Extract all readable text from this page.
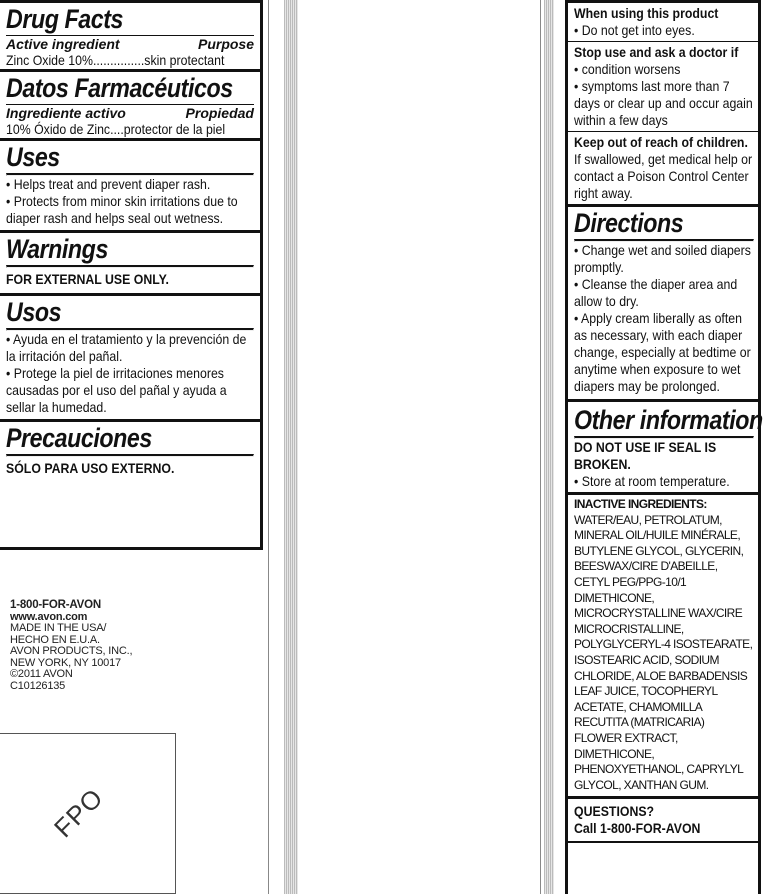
Drug Facts
Active ingredient	Purpose
Zinc Oxide 10%...............skin protectant
Datos Farmacéuticos
Ingrediente activo	Propiedad
10% Óxido de Zinc....protector de la piel
Uses
• Helps treat and prevent diaper rash.
• Protects from minor skin irritations due to diaper rash and helps seal out wetness.
Warnings
FOR EXTERNAL USE ONLY.
Usos
• Ayuda en el tratamiento y la prevención de la irritación del pañal.
• Protege la piel de irritaciones menores causadas por el uso del pañal y ayuda a sellar la humedad.
Precauciones
SÓLO PARA USO EXTERNO.
1-800-FOR-AVON
www.avon.com
MADE IN THE USA/
HECHO EN E.U.A.
AVON PRODUCTS, INC.,
NEW YORK, NY 10017
©2011 AVON
C10126135
FPO
When using this product
• Do not get into eyes.
Stop use and ask a doctor if
• condition worsens
• symptoms last more than 7 days or clear up and occur again within a few days
Keep out of reach of children.
If swallowed, get medical help or contact a Poison Control Center right away.
Directions
• Change wet and soiled diapers promptly.
• Cleanse the diaper area and allow to dry.
• Apply cream liberally as often as necessary, with each diaper change, especially at bedtime or anytime when exposure to wet diapers may be prolonged.
Other information
DO NOT USE IF SEAL IS BROKEN.
• Store at room temperature.
INACTIVE INGREDIENTS: WATER/EAU, PETROLATUM, MINERAL OIL/HUILE MINÉRALE, BUTYLENE GLYCOL, GLYCERIN, BEESWAX/CIRE D'ABEILLE, CETYL PEG/PPG-10/1 DIMETHICONE, MICROCRYSTALLINE WAX/CIRE MICROCRISTALLINE, POLYGLYCERYL-4 ISOSTEARATE, ISOSTEARIC ACID, SODIUM CHLORIDE, ALOE BARBADENSIS LEAF JUICE, TOCOPHERYL ACETATE, CHAMOMILLA RECUTITA (MATRICARIA) FLOWER EXTRACT, DIMETHICONE, PHENOXYETHANOL, CAPRYLYL GLYCOL, XANTHAN GUM.
QUESTIONS?
Call 1-800-FOR-AVON
